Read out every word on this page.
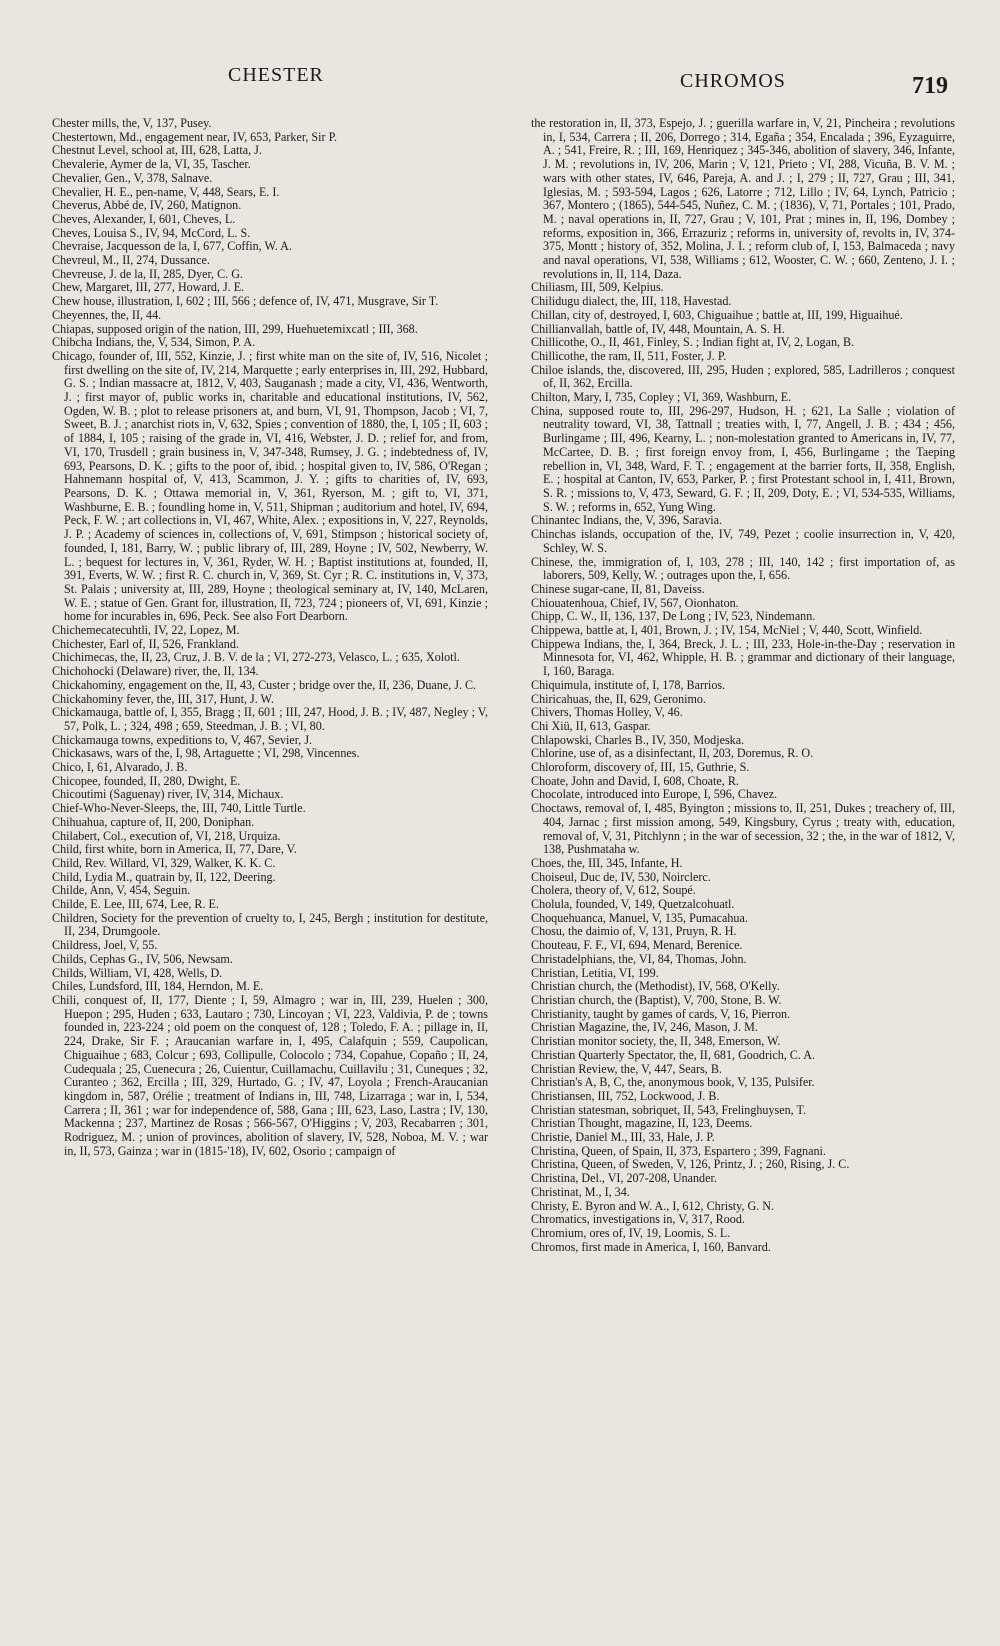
CHESTER	CHROMOS	719

Chester mills, the, V, 137, Pusey.

Chestertown, Md., engagement near, IV, 653, Parker, Sir P.

Chestnut Level, school at, III, 628, Latta, J.

Chevalerie, Aymer de la, VI, 35, Tascher.

Chevalier, Gen., V, 378, Salnave.

Chevalier, H. E., pen-name, V, 448, Sears, E. I.

Cheverus, Abbé de, IV, 260, Matignon.

Cheves, Alexander, I, 601, Cheves, L.

Cheves, Louisa S., IV, 94, McCord, L. S.

Chevraise, Jacquesson de la, I, 677, Coffin, W. A.

Chevreul, M., II, 274, Dussance.

Chevreuse, J. de la, II, 285, Dyer, C. G.

Chew, Margaret, III, 277, Howard, J. E.

Chew house, illustration, I, 602 ; III, 566 ; defence of, IV, 471, Musgrave, Sir T.

Cheyennes, the, II, 44.

Chiapas, supposed origin of the nation, III, 299, Huehuetemixcatl ; III, 368.

Chibcha Indians, the, V, 534, Simon, P. A.

Chicago, founder of, III, 552, Kinzie, J. ; first white man on the site of, IV, 516, Nicolet ; first dwelling on the site of, IV, 214, Marquette ; early enterprises in, III, 292, Hubbard, G. S. ; Indian massacre at, 1812, V, 403, Sauganash ; made a city, VI, 436, Wentworth, J. ; first mayor of, public works in, charitable and educational institutions, IV, 562, Ogden, W. B. ; plot to release prisoners at, and burn, VI, 91, Thompson, Jacob ; VI, 7, Sweet, B. J. ; anarchist riots in, V, 632, Spies ; convention of 1880, the, I, 105 ; II, 603 ; of 1884, I, 105 ; raising of the grade in, VI, 416, Webster, J. D. ; relief for, and from, VI, 170, Trusdell ; grain business in, V, 347-348, Rumsey, J. G. ; indebtedness of, IV, 693, Pearsons, D. K. ; gifts to the poor of, ibid. ; hospital given to, IV, 586, O'Regan ; Hahnemann hospital of, V, 413, Scammon, J. Y. ; gifts to charities of, IV, 693, Pearsons, D. K. ; Ottawa memorial in, V, 361, Ryerson, M. ; gift to, VI, 371, Washburne, E. B. ; foundling home in, V, 511, Shipman ; auditorium and hotel, IV, 694, Peck, F. W. ; art collections in, VI, 467, White, Alex. ; expositions in, V, 227, Reynolds, J. P. ; Academy of sciences in, collections of, V, 691, Stimpson ; historical society of, founded, I, 181, Barry, W. ; public library of, III, 289, Hoyne ; IV, 502, Newberry, W. L. ; bequest for lectures in, V, 361, Ryder, W. H. ; Baptist institutions at, founded, II, 391, Everts, W. W. ; first R. C. church in, V, 369, St. Cyr ; R. C. institutions in, V, 373, St. Palais ; university at, III, 289, Hoyne ; theological seminary at, IV, 140, McLaren, W. E. ; statue of Gen. Grant for, illustration, II, 723, 724 ; pioneers of, VI, 691, Kinzie ; home for incurables in, 696, Peck. See also Fort Dearborn.

Chichemecatecuhtli, IV, 22, Lopez, M.

Chichester, Earl of, II, 526, Frankland.

Chichimecas, the, II, 23, Cruz, J. B. V. de la ; VI, 272-273, Velasco, L. ; 635, Xolotl.

Chichohocki (Delaware) river, the, II, 134.

Chickahominy, engagement on the, II, 43, Custer ; bridge over the, II, 236, Duane, J. C.

Chickahominy fever, the, III, 317, Hunt, J. W.

Chickamauga, battle of, I, 355, Bragg ; II, 601 ; III, 247, Hood, J. B. ; IV, 487, Negley ; V, 57, Polk, L. ; 324, 498 ; 659, Steedman, J. B. ; VI, 80.

Chickamauga towns, expeditions to, V, 467, Sevier, J.

Chickasaws, wars of the, I, 98, Artaguette ; VI, 298, Vincennes.

Chico, I, 61, Alvarado, J. B.

Chicopee, founded, II, 280, Dwight, E.

Chicoutimi (Saguenay) river, IV, 314, Michaux.

Chief-Who-Never-Sleeps, the, III, 740, Little Turtle.

Chihuahua, capture of, II, 200, Doniphan.

Chilabert, Col., execution of, VI, 218, Urquiza.

Child, first white, born in America, II, 77, Dare, V.

Child, Rev. Willard, VI, 329, Walker, K. K. C.

Child, Lydia M., quatrain by, II, 122, Deering.

Childe, Ann, V, 454, Seguin.

Childe, E. Lee, III, 674, Lee, R. E.

Children, Society for the prevention of cruelty to, I, 245, Bergh ; institution for destitute, II, 234, Drumgoole.

Childress, Joel, V, 55.

Childs, Cephas G., IV, 506, Newsam.

Childs, William, VI, 428, Wells, D.

Chiles, Lundsford, III, 184, Herndon, M. E.

Chili, conquest of, II, 177, Diente ; I, 59, Almagro ; war in, III, 239, Huelen ; 300, Huepon ; 295, Huden ; 633, Lautaro ; 730, Lincoyan ; VI, 223, Valdivia, P. de ; towns founded in, 223-224 ; old poem on the conquest of, 128 ; Toledo, F. A. ; pillage in, II, 224, Drake, Sir F. ; Araucanian warfare in, I, 495, Calafquin ; 559, Caupolican, Chiguaihue ; 683, Colcur ; 693, Collipulle, Colocolo ; 734, Copahue, Copaño ; II, 24, Cudequala ; 25, Cuenecura ; 26, Cuientur, Cuillamachu, Cuillavilu ; 31, Cuneques ; 32, Curanteo ; 362, Ercilla ; III, 329, Hurtado, G. ; IV, 47, Loyola ; French-Araucanian kingdom in, 587, Orélie ; treatment of Indians in, III, 748, Lizarraga ; war in, I, 534, Carrera ; II, 361 ; war for independence of, 588, Gana ; III, 623, Laso, Lastra ; IV, 130, Mackenna ; 237, Martinez de Rosas ; 566-567, O'Higgins ; V, 203, Recabarren ; 301, Rodriguez, M. ; union of provinces, abolition of slavery, IV, 528, Noboa, M. V. ; war in, II, 573, Gainza ; war in (1815-'18), IV, 602, Osorio ; campaign of

the restoration in, II, 373, Espejo, J. ; guerilla warfare in, V, 21, Pincheira ; revolutions in, I, 534, Carrera ; II, 206, Dorrego ; 314, Egaña ; 354, Encalada ; 396, Eyzaguirre, A. ; 541, Freire, R. ; III, 169, Henriquez ; 345-346, abolition of slavery, 346, Infante, J. M. ; revolutions in, IV, 206, Marin ; V, 121, Prieto ; VI, 288, Vicuña, B. V. M. ; wars with other states, IV, 646, Pareja, A. and J. ; I, 279 ; II, 727, Grau ; III, 341, Iglesias, M. ; 593-594, Lagos ; 626, Latorre ; 712, Lillo ; IV, 64, Lynch, Patricio ; 367, Montero ; (1865), 544-545, Nuñez, C. M. ; (1836), V, 71, Portales ; 101, Prado, M. ; naval operations in, II, 727, Grau ; V, 101, Prat ; mines in, II, 196, Dombey ; reforms, exposition in, 366, Errazuriz ; reforms in, university of, revolts in, IV, 374-375, Montt ; history of, 352, Molina, J. I. ; reform club of, I, 153, Balmaceda ; navy and naval operations, VI, 538, Williams ; 612, Wooster, C. W. ; 660, Zenteno, J. I. ; revolutions in, II, 114, Daza.

Chiliasm, III, 509, Kelpius.

Chilidugu dialect, the, III, 118, Havestad.

Chillan, city of, destroyed, I, 603, Chiguaihue ; battle at, III, 199, Higuaihué.

Chillianvallah, battle of, IV, 448, Mountain, A. S. H.

Chillicothe, O., II, 461, Finley, S. ; Indian fight at, IV, 2, Logan, B.

Chillicothe, the ram, II, 511, Foster, J. P.

Chiloe islands, the, discovered, III, 295, Huden ; explored, 585, Ladrilleros ; conquest of, II, 362, Ercilla.

Chilton, Mary, I, 735, Copley ; VI, 369, Washburn, E.

China, supposed route to, III, 296-297, Hudson, H. ; 621, La Salle ; violation of neutrality toward, VI, 38, Tattnall ; treaties with, I, 77, Angell, J. B. ; 434 ; 456, Burlingame ; III, 496, Kearny, L. ; non-molestation granted to Americans in, IV, 77, McCartee, D. B. ; first foreign envoy from, I, 456, Burlingame ; the Taeping rebellion in, VI, 348, Ward, F. T. ; engagement at the barrier forts, II, 358, English, E. ; hospital at Canton, IV, 653, Parker, P. ; first Protestant school in, I, 411, Brown, S. R. ; missions to, V, 473, Seward, G. F. ; II, 209, Doty, E. ; VI, 534-535, Williams, S. W. ; reforms in, 652, Yung Wing.

Chinantec Indians, the, V, 396, Saravia.

Chinchas islands, occupation of the, IV, 749, Pezet ; coolie insurrection in, V, 420, Schley, W. S.

Chinese, the, immigration of, I, 103, 278 ; III, 140, 142 ; first importation of, as laborers, 509, Kelly, W. ; outrages upon the, I, 656.

Chinese sugar-cane, II, 81, Daveiss.

Chiouatenhoua, Chief, IV, 567, Oionhaton.

Chipp, C. W., II, 136, 137, De Long ; IV, 523, Nindemann.

Chippewa, battle at, I, 401, Brown, J. ; IV, 154, McNiel ; V, 440, Scott, Winfield.

Chippewa Indians, the, I, 364, Breck, J. L. ; III, 233, Hole-in-the-Day ; reservation in Minnesota for, VI, 462, Whipple, H. B. ; grammar and dictionary of their language, I, 160, Baraga.

Chiquimula, institute of, I, 178, Barrios.

Chiricahuas, the, II, 629, Geronimo.

Chivers, Thomas Holley, V, 46.

Chi Xiü, II, 613, Gaspar.

Chlapowski, Charles B., IV, 350, Modjeska.

Chlorine, use of, as a disinfectant, II, 203, Doremus, R. O.

Chloroform, discovery of, III, 15, Guthrie, S.

Choate, John and David, I, 608, Choate, R.

Chocolate, introduced into Europe, I, 596, Chavez.

Choctaws, removal of, I, 485, Byington ; missions to, II, 251, Dukes ; treachery of, III, 404, Jarnac ; first mission among, 549, Kingsbury, Cyrus ; treaty with, education, removal of, V, 31, Pitchlynn ; in the war of secession, 32 ; the, in the war of 1812, V, 138, Pushmataha w.

Choes, the, III, 345, Infante, H.

Choiseul, Duc de, IV, 530, Noirclerc.

Cholera, theory of, V, 612, Soupé.

Cholula, founded, V, 149, Quetzalcohuatl.

Choquehuanca, Manuel, V, 135, Pumacahua.

Chosu, the daimio of, V, 131, Pruyn, R. H.

Chouteau, F. F., VI, 694, Menard, Berenice.

Christadelphians, the, VI, 84, Thomas, John.

Christian, Letitia, VI, 199.

Christian church, the (Methodist), IV, 568, O'Kelly.

Christian church, the (Baptist), V, 700, Stone, B. W.

Christianity, taught by games of cards, V, 16, Pierron.

Christian Magazine, the, IV, 246, Mason, J. M.

Christian monitor society, the, II, 348, Emerson, W.

Christian Quarterly Spectator, the, II, 681, Goodrich, C. A.

Christian Review, the, V, 447, Sears, B.

Christian's A, B, C, the, anonymous book, V, 135, Pulsifer.

Christiansen, III, 752, Lockwood, J. B.

Christian statesman, sobriquet, II, 543, Frelinghuysen, T.

Christian Thought, magazine, II, 123, Deems.

Christie, Daniel M., III, 33, Hale, J. P.

Christina, Queen, of Spain, II, 373, Espartero ; 399, Fagnani.

Christina, Queen, of Sweden, V, 126, Printz, J. ; 260, Rising, J. C.

Christina, Del., VI, 207-208, Unander.

Christinat, M., I, 34.

Christy, E. Byron and W. A., I, 612, Christy, G. N.

Chromatics, investigations in, V, 317, Rood.

Chromium, ores of, IV, 19, Loomis, S. L.

Chromos, first made in America, I, 160, Banvard.
